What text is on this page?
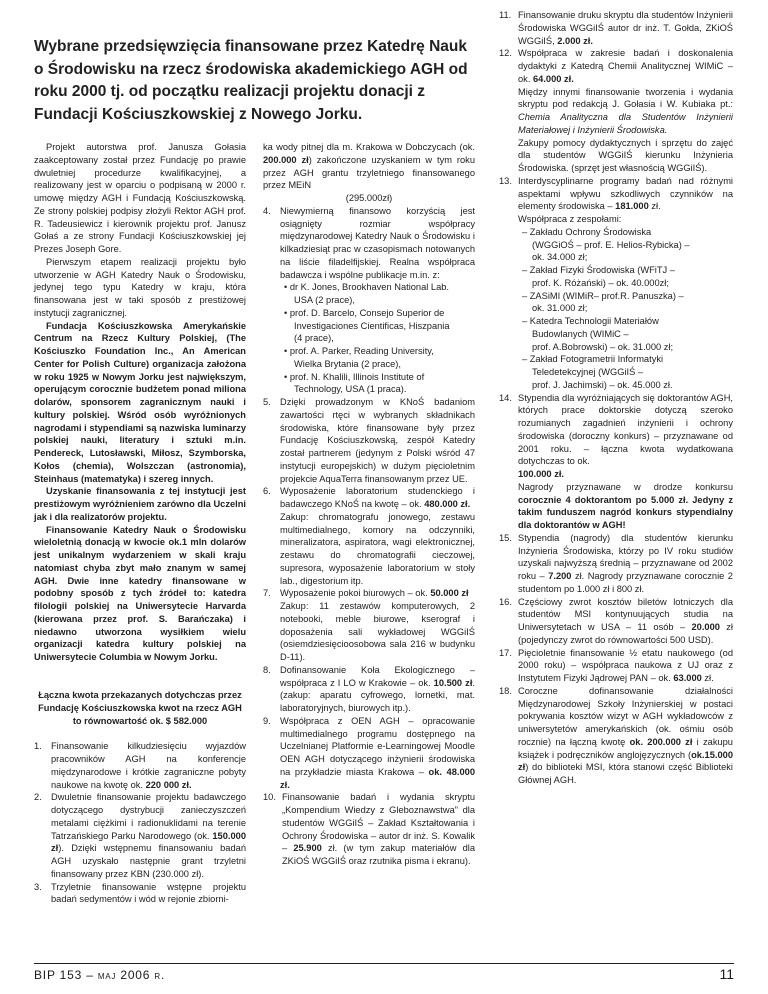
Wybrane przedsięwzięcia finansowane przez Katedrę Nauk o Środowisku na rzecz środowiska akademickiego AGH od roku 2000 tj. od początku realizacji projektu donacji z Fundacji Kościuszkowskiej z Nowego Jorku.

Projekt autorstwa prof. Janusza Gołasia zaakceptowany został przez Fundację po prawie dwuletniej procedurze kwalifikacyjnej, a realizowany jest w oparciu o podpisaną w 2000 r. umowę między AGH i Fundacją Kościuszkowską. Ze strony polskiej podpisy złożyli Rektor AGH prof. R. Tadeusiewicz i kierownik projektu prof. Janusz Gołaś a ze strony Fundacji Kościuszkowskiej jej Prezes Joseph Gore.

Pierwszym etapem realizacji projektu było utworzenie w AGH Katedry Nauk o Środowisku, jedynej tego typu Katedry w kraju, która finansowana jest w taki sposób z prestiżowej instytucji zagranicznej.

Fundacja Kościuszkowska Amerykańskie Centrum na Rzecz Kultury Polskiej, (The Kościuszko Foundation Inc., An American Center for Polish Culture) organizacja założona w roku 1925 w Nowym Jorku jest największym, operującym corocznie budżetem ponad miliona dolarów, sponsorem zagranicznym nauki i kultury polskiej. Wśród osób wyróżnionych nagrodami i stypendiami są nazwiska luminarzy polskiej nauki, literatury i sztuki m.in. Pendereck, Lutosławski, Miłosz, Szymborska, Kołos (chemia), Wolszczan (astronomia), Steinhaus (matematyka) i szereg innych.

Uzyskanie finansowania z tej instytucji jest prestiżowym wyróżnieniem zarówno dla Uczelni jak i dla realizatorów projektu.

Finansowanie Katedry Nauk o Środowisku wieloletnią donacją w kwocie ok.1 mln dolarów jest unikalnym wydarzeniem w skali kraju natomiast chyba zbyt mało znanym w samej AGH. Dwie inne katedry finansowane w podobny sposób z tych źródeł to: katedra filologii polskiej na Uniwersytecie Harvarda (kierowana przez prof. S. Barańczaka) i niedawno utworzona wysiłkiem wielu organizacji katedra kultury polskiej na Uniwersytecie Columbia w Nowym Jorku.

Łączna kwota przekazanych dotychczas przez Fundację Kościuszkowska kwot na rzecz AGH to równowartość ok. $ 582.000

1. Finansowanie kilkudziesięciu wyjazdów pracowników AGH na konferencje międzynarodowe i krótkie zagraniczne pobyty naukowe na kwotę ok. 220 000 zł.
2. Dwuletnie finansowanie projektu badawczego dotyczącego dystrybucji zanieczyszczeń metalami ciężkimi i radionuklidami na terenie Tatrzańskiego Parku Narodowego (ok. 150.000 zł). Dzięki wstępnemu finansowaniu badań AGH uzyskało następnie grant trzyletni finansowany przez KBN (230.000 zł).
3. Trzyletnie finansowanie wstępne projektu badań sedymentów i wód w rejonie zbiorni-

ka wody pitnej dla m. Krakowa w Dobczycach (ok. 200.000 zł) zakończone uzyskaniem w tym roku przez AGH grantu trzyletniego finansowanego przez MEiN

(295.000zł)

4. Niewymierną finansowo korzyścią jest osiągnięty rozmiar współpracy międzynarodowej Katedry Nauk o Środowisku i kilkadziesiąt prac w czasopismach notowanych na liście filadelfijskiej. Realna współpraca badawcza i wspólne publikacje m.in. z:

• dr K. Jones, Brookhaven National Lab.
USA (2 prace),
• prof. D. Barcelo, Consejo Superior de
Investigaciones Cientificas, Hiszpania
(4 prace),
• prof. A. Parker, Reading University,
Wielka Brytania (2 prace),
• prof. N. Khalili, Illinois Institute of
Technology, USA (1 praca).
5. Dzięki prowadzonym w KNoŚ badaniom zawartości rtęci w wybranych składnikach środowiska, które finansowane były przez Fundację Kościuszkowską, zespół Katedry został partnerem (jedynym z Polski wśród 47 instytucji europejskich) w dużym pięcioletnim projekcie AquaTerra finansowanym przez UE.
6. Wyposażenie laboratorium studenckiego i badawczego KNoŚ na kwotę – ok. 480.000 zł.

Zakup: chromatografu jonowego, zestawu multimedialnego, komory na odczynniki, mineralizatora, aspiratora, wagi elektronicznej, zestawu do chromatografii cieczowej, supresora, wyposażenie laboratorium w stoły lab., digestorium itp.

7. Wyposażenie pokoi biurowych – ok. 50.000 zł

Zakup: 11 zestawów komputerowych, 2 notebooki, meble biurowe, kserograf i doposażenia sali wykładowej WGGiIŚ (osiemdziesięcioosobowa sala 216 w budynku D-11).

8. Dofinansowanie Koła Ekologicznego – współpraca z I LO w Krakowie – ok. 10.500 zł. (zakup: aparatu cyfrowego, lornetki, mat. laboratoryjnych, biurowych itp.).
9. Współpraca z OEN AGH – opracowanie multimedialnego programu dostępnego na Uczelnianej Platformie e-Learningowej Moodle OEN AGH dotyczącego inżynierii środowiska na przykładzie miasta Krakowa – ok. 48.000 zł.
10. Finansowanie badań i wydania skryptu „Kompendium Wiedzy z Gleboznawstwa” dla studentów WGGiIŚ – Zakład Kształtowania i Ochrony Środowiska – autor dr inż. S. Kowalik – 25.900 zł. (w tym zakup materiałów dla ZKiOŚ WGGiIŚ oraz rzutnika pisma i ekranu).
11. Finansowanie druku skryptu dla studentów Inżynierii Środowiska WGGiIŚ autor dr inż. T. Gołda, ZKiOŚ WGGiIŚ, 2.000 zł.
12. Współpraca w zakresie badań i doskonalenia dydaktyki z Katedrą Chemii Analitycznej WIMiC – ok. 64.000 zł.

Między innymi finansowanie tworzenia i wydania skryptu pod redakcją J. Gołasia i W. Kubiaka pt.: Chemia Analityczna dla Studentów Inżynierii Materiałowej i Inżynierii Środowiska.

Zakupy pomocy dydaktycznych i sprzętu do zajęć dla studentów WGGiIŚ kierunku Inżynieria Środowiska. (sprzęt jest własnością WGGiIŚ).

13. Interdyscyplinarne programy badań nad różnymi aspektami wpływu szkodliwych czynników na elementy środowiska – 181.000 zł.

Współpraca z zespołami:

– Zakładu Ochrony Środowiska
(WGGiOŚ – prof. E. Helios-Rybicka) –
ok. 34.000 zł;
– Zakład Fizyki Środowiska (WFiTJ –
prof. K. Różański) – ok. 40.000zł;
– ZASiMI (WIMiR– prof.R. Panuszka) –
ok. 31.000 zł;
– Katedra Technologii Materiałów
Budowlanych (WIMiC –
prof. A.Bobrowski) – ok. 31.000 zł;
– Zakład Fotogrametrii Informatyki
Teledetekcyjnej (WGGiIŚ –
prof. J. Jachimski) – ok. 45.000 zł.
14. Stypendia dla wyróżniających się doktorantów AGH, których prace doktorskie dotyczą szeroko rozumianych zagadnień inżynierii i ochrony środowiska (doroczny konkurs) – przyznawane od 2001 roku. – łączna kwota wydatkowana dotychczas to ok.

100.000 zł.

Nagrody przyznawane w drodze konkursu corocznie 4 doktorantom po 5.000 zł. Jedyny z takim funduszem nagród konkurs stypendialny dla doktorantów w AGH!

15. Stypendia (nagrody) dla studentów kierunku Inżynieria Środowiska, którzy po IV roku studiów uzyskali najwyższą średnią – przyznawane od 2002 roku – 7.200 zł. Nagrody przyznawane corocznie 2 studentom po 1.000 zł i 800 zł.
16. Częściowy zwrot kosztów biletów lotniczych dla studentów MSI kontynuujących studia na Uniwersytetach w USA – 11 osób – 20.000 zł (pojedynczy zwrot do równowartości 500 USD).
17. Pięcioletnie finansowanie ½ etatu naukowego (od 2000 roku) – współpraca naukowa z UJ oraz z Instytutem Fizyki Jądrowej PAN – ok. 63.000 zł.
18. Coroczne dofinansowanie działalności Międzynarodowej Szkoły Inżynierskiej w postaci pokrywania kosztów wizyt w AGH wykładowców z uniwersytetów amerykańskich (ok. ośmiu osób rocznie) na łączną kwotę ok. 200.000 zł i zakupu książek i podręczników anglojęzycznych (ok.15.000 zł) do biblioteki MSI, która stanowi część Biblioteki Głównej AGH.
BIP 153 – maj 2006 r.	11
